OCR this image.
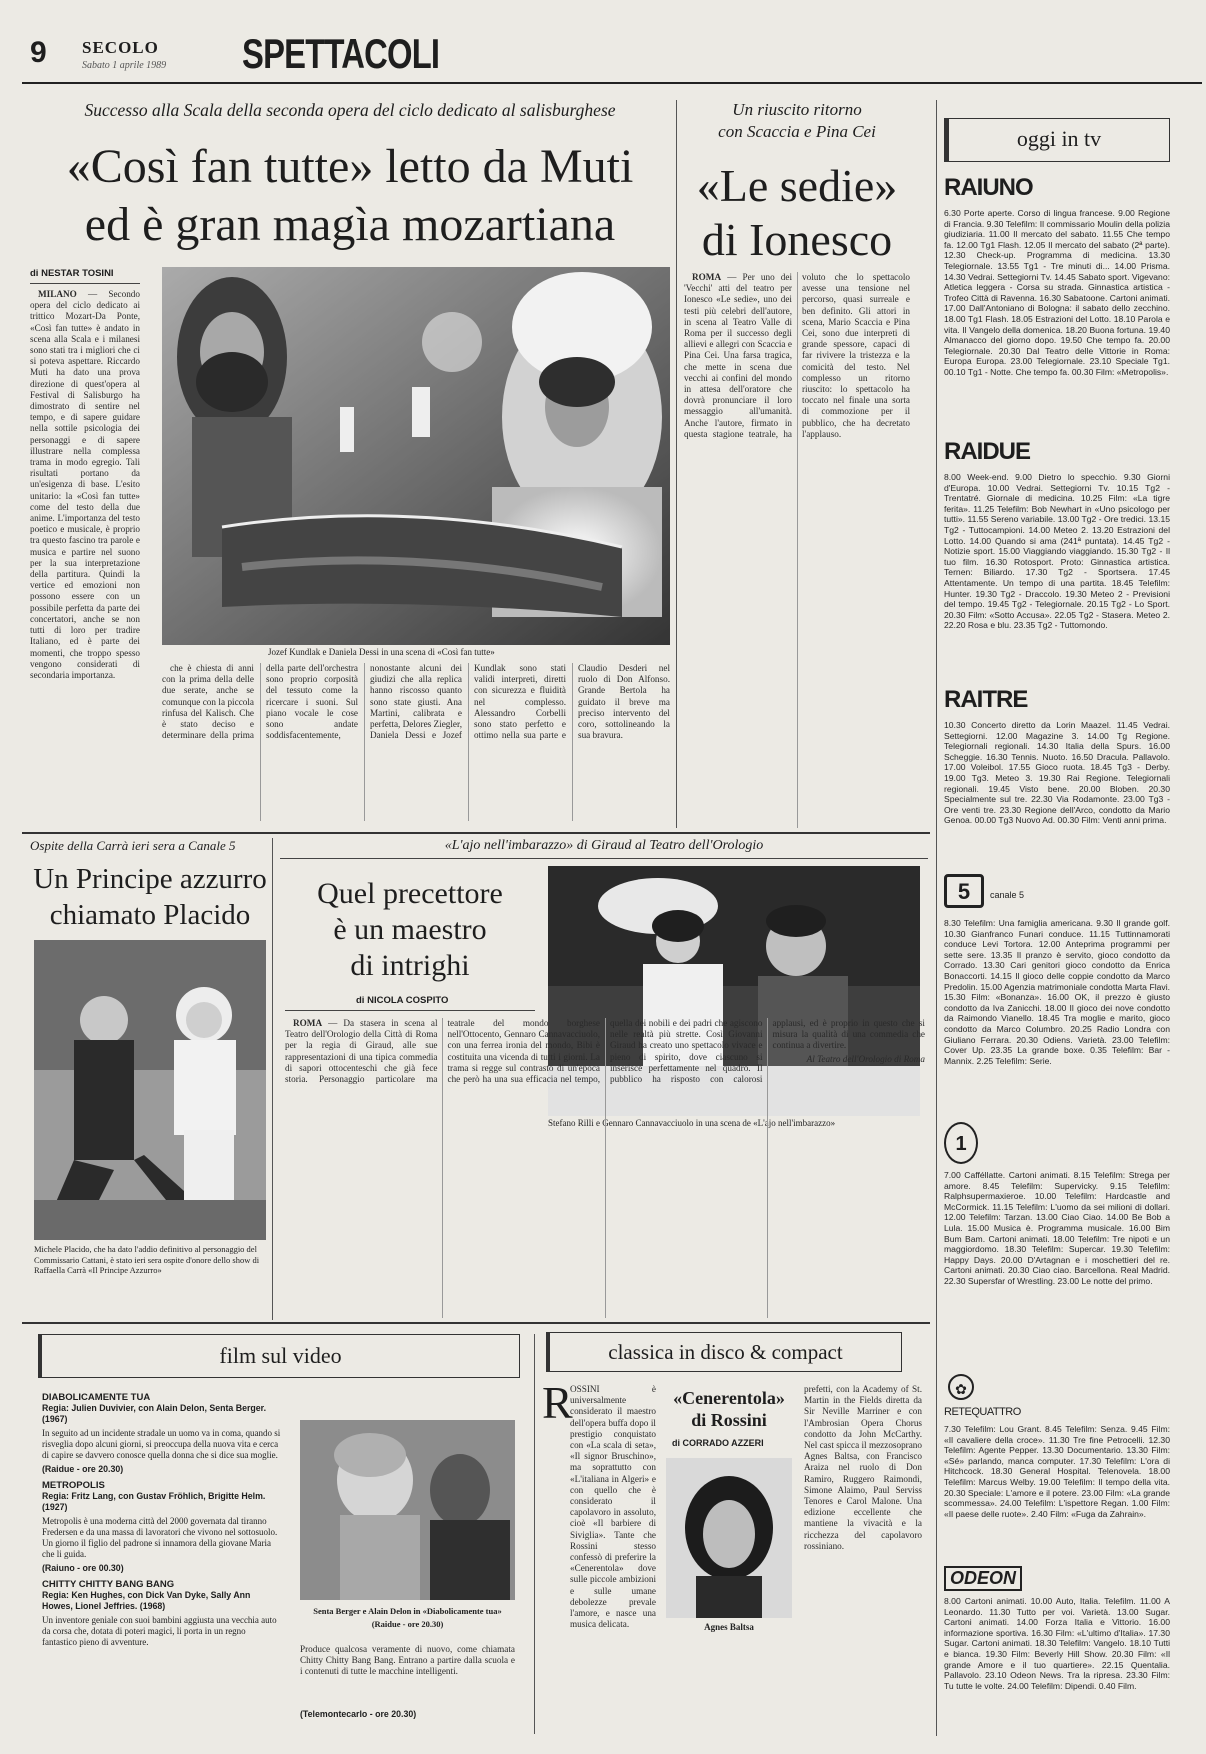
9 SECOLO
Sabato 1 aprile 1989 SPETTACOLI
Successo alla Scala della seconda opera del ciclo dedicato al salisburghese
«Così fan tutte» letto da Muti
ed è gran magìa mozartiana
di NESTAR TOSINI

MILANO — Secondo opera del ciclo dedicato ai trittico Mozart-Da Ponte, «Così fan tutte» è andato in scena alla Scala e i milanesi sono stati tra i migliori che ci si poteva aspettare. Riccardo Muti ha dato una prova direzione di quest'opera al Festival di Salisburgo ha dimostrato di sentire nel tempo, e di sapere guidare nella sottile psicologia dei personaggi e di sapere illustrare nella complessa trama in modo egregio. Tali risultati portano da un'esigenza di base. L'esito unitario: la «Così fan tutte» come del testo della due anime. L'importanza del testo poetico e musicale, è proprio tra questo fascino tra parole e musica e partire nel suono per la sua interpretazione della partitura. Quindi la vertice ed emozioni non possono essere con un possibile perfetta da parte dei concertatori, anche se non tutti di loro per tradire Italiano, ed è parte dei momenti, che troppo spesso vengono considerati di secondaria importanza.

Jozef Kundlak e Daniela Dessi in una scena di «Così fan tutte»

che è chiesta di anni con la prima della delle due serate, anche se comunque con la piccola rinfusa del Kalisch. Che è stato deciso e determinare della prima della parte dell'orchestra sono proprio corposità del tessuto come la ricercare i suoni. Sul piano vocale le cose sono andate soddisfacentemente, nonostante alcuni dei giudizi che alla replica hanno riscosso quanto sono state giusti. Ana Martini, calibrata e perfetta, Delores Ziegler, Daniela Dessi e Jozef Kundlak sono stati validi interpreti, diretti con sicurezza e fluidità nel complesso. Alessandro Corbelli sono stato perfetto e ottimo nella sua parte e Claudio Desderi nel ruolo di Don Alfonso. Grande Bertola ha guidato il breve ma preciso intervento del coro, sottolineando la sua bravura.

Un riuscito ritorno
con Scaccia e Pina Cei
«Le sedie»
di Ionesco

ROMA — Per uno dei 'Vecchi' atti del teatro per Ionesco «Le sedie», uno dei testi più celebri dell'autore, in scena al Teatro Valle di Roma per il successo degli allievi e allegri con Scaccia e Pina Cei. Una farsa tragica, che mette in scena due vecchi ai confini del mondo in attesa dell'oratore che dovrà pronunciare il loro messaggio all'umanità. Anche l'autore, firmato in questa stagione teatrale, ha voluto che lo spettacolo avesse una tensione nel percorso, quasi surreale e ben definito. Gli attori in scena, Mario Scaccia e Pina Cei, sono due interpreti di grande spessore, capaci di far rivivere la tristezza e la comicità del testo. Nel complesso un ritorno riuscito: lo spettacolo ha toccato nel finale una sorta di commozione per il pubblico, che ha decretato l'applauso.

Ospite della Carrà ieri sera a Canale 5
Un Principe azzurro
chiamato Placido
Michele Placido, che ha dato l'addio definitivo al personaggio del Commissario Cattani, è stato ieri sera ospite d'onore dello show di Raffaella Carrà «Il Principe Azzurro»
«L'ajo nell'imbarazzo» di Giraud al Teatro dell'Orologio
Quel precettore
è un maestro
di intrighi
di NICOLA COSPITO
Stefano Rilli e Gennaro Cannavacciuolo in una scena de «L'ajo nell'imbarazzo»

ROMA — Da stasera in scena al Teatro dell'Orologio della Città di Roma per la regia di Giraud, alle sue rappresentazioni di una tipica commedia di sapori ottocenteschi che già fece storia. Personaggio particolare ma teatrale del mondo borghese nell'Ottocento, Gennaro Cannavacciuolo, con una ferrea ironia del mondo, Bibi è costituita una vicenda di tutti i giorni. La trama si regge sul contrasto di un'epoca che però ha una sua efficacia nel tempo, quella dei nobili e dei padri che agiscono nelle realtà più strette. Così Giovanni Giraud ha creato uno spettacolo vivace e pieno di spirito, dove ciascuno si inserisce perfettamente nel quadro. Il pubblico ha risposto con calorosi applausi, ed è proprio in questo che si misura la qualità di una commedia che continua a divertire.

Al Teatro dell'Orologio di Roma

film sul video
DIABOLICAMENTE TUA
Regia: Julien Duvivier, con Alain Delon, Senta Berger. (1967)
In seguito ad un incidente stradale un uomo va in coma, quando si risveglia dopo alcuni giorni, si preoccupa della nuova vita e cerca di capire se davvero conosce quella donna che si dice sua moglie.
(Raidue - ore 20.30)
METROPOLIS
Regia: Fritz Lang, con Gustav Fröhlich, Brigitte Helm. (1927)
Metropolis è una moderna città del 2000 governata dal tiranno Fredersen e da una massa di lavoratori che vivono nel sottosuolo. Un giorno il figlio del padrone si innamora della giovane Maria che li guida.
(Raiuno - ore 00.30)
CHITTY CHITTY BANG BANG
Regia: Ken Hughes, con Dick Van Dyke, Sally Ann Howes, Lionel Jeffries. (1968)
Un inventore geniale con suoi bambini aggiusta una vecchia auto da corsa che, dotata di poteri magici, li porta in un regno fantastico pieno di avventure.
Senta Berger e Alain Delon in «Diabolicamente tua»
(Raidue - ore 20.30)
Produce qualcosa veramente di nuovo, come chiamata Chitty Chitty Bang Bang. Entrano a partire dalla scuola e i contenuti di tutte le macchine intelligenti.
(Telemontecarlo - ore 20.30)
classica in disco & compact
R
OSSINI è universalmente considerato il maestro dell'opera buffa dopo il prestigio conquistato con «La scala di seta», «Il signor Bruschino», ma soprattutto con «L'italiana in Algeri» e con quello che è considerato il capolavoro in assoluto, cioè «Il barbiere di Siviglia». Tante che Rossini stesso confessò di preferire la «Cenerentola» dove sulle piccole ambizioni e sulle umane debolezze prevale l'amore, e nasce una musica delicata.
«Cenerentola»
di Rossini
di CORRADO AZZERI
Agnes Baltsa
prefetti, con la Academy of St. Martin in the Fields diretta da Sir Neville Marriner e con l'Ambrosian Opera Chorus condotto da John McCarthy. Nel cast spicca il mezzosoprano Agnes Baltsa, con Francisco Araiza nel ruolo di Don Ramiro, Ruggero Raimondi, Simone Alaimo, Paul Serviss Tenores e Carol Malone. Una edizione eccellente che mantiene la vivacità e la ricchezza del capolavoro rossiniano.
oggi in tv
RAIUNO
6.30 Porte aperte. Corso di lingua francese. 9.00 Regione di Francia. 9.30 Telefilm: Il commissario Moulin della polizia giudiziaria. 11.00 Il mercato del sabato. 11.55 Che tempo fa. 12.00 Tg1 Flash. 12.05 Il mercato del sabato (2ª parte). 12.30 Check-up. Programma di medicina. 13.30 Telegiornale. 13.55 Tg1 - Tre minuti di... 14.00 Prisma. 14.30 Vedrai. Settegiorni Tv. 14.45 Sabato sport. Vigevano: Atletica leggera - Corsa su strada. Ginnastica artistica - Trofeo Città di Ravenna. 16.30 Sabatoone. Cartoni animati. 17.00 Dall'Antoniano di Bologna: il sabato dello zecchino. 18.00 Tg1 Flash. 18.05 Estrazioni del Lotto. 18.10 Parola e vita. Il Vangelo della domenica. 18.20 Buona fortuna. 19.40 Almanacco del giorno dopo. 19.50 Che tempo fa. 20.00 Telegiornale. 20.30 Dal Teatro delle Vittorie in Roma: Europa Europa. 23.00 Telegiornale. 23.10 Speciale Tg1. 00.10 Tg1 - Notte. Che tempo fa. 00.30 Film: «Metropolis».
RAIDUE
8.00 Week-end. 9.00 Dietro lo specchio. 9.30 Giorni d'Europa. 10.00 Vedrai. Settegiorni Tv. 10.15 Tg2 - Trentatré. Giornale di medicina. 10.25 Film: «La tigre ferita». 11.25 Telefilm: Bob Newhart in «Uno psicologo per tutti». 11.55 Sereno variabile. 13.00 Tg2 - Ore tredici. 13.15 Tg2 - Tuttocampioni. 14.00 Meteo 2. 13.20 Estrazioni del Lotto. 14.00 Quando si ama (241ª puntata). 14.45 Tg2 - Notizie sport. 15.00 Viaggiando viaggiando. 15.30 Tg2 - Il tuo film. 16.30 Rotosport. Proto: Ginnastica artistica. Ternen: Biliardo. 17.30 Tg2 - Sportsera. 17.45 Attentamente. Un tempo di una partita. 18.45 Telefilm: Hunter. 19.30 Tg2 - Draccolo. 19.30 Meteo 2 - Previsioni del tempo. 19.45 Tg2 - Telegiornale. 20.15 Tg2 - Lo Sport. 20.30 Film: «Sotto Accusa». 22.05 Tg2 - Stasera. Meteo 2. 22.20 Rosa e blu. 23.35 Tg2 - Tuttomondo.
RAITRE
10.30 Concerto diretto da Lorin Maazel. 11.45 Vedrai. Settegiorni. 12.00 Magazine 3. 14.00 Tg Regione. Telegiornali regionali. 14.30 Italia della Spurs. 16.00 Scheggie. 16.30 Tennis. Nuoto. 16.50 Dracula. Pallavolo. 17.00 Voleibol. 17.55 Gioco ruota. 18.45 Tg3 - Derby. 19.00 Tg3. Meteo 3. 19.30 Rai Regione. Telegiornali regionali. 19.45 Visto bene. 20.00 Bloben. 20.30 Specialmente sul tre. 22.30 Via Rodamonte. 23.00 Tg3 - Ore venti tre. 23.30 Regione dell'Arco, condotto da Mario Genoa. 00.00 Tg3 Nuovo Ad. 00.30 Film: Venti anni prima.
5	canale 5
8.30 Telefilm: Una famiglia americana. 9.30 Il grande golf. 10.30 Gianfranco Funari conduce. 11.15 Tuttinnamorati conduce Levi Tortora. 12.00 Anteprima programmi per sette sere. 13.35 Il pranzo è servito, gioco condotto da Corrado. 13.30 Cari genitori gioco condotto da Enrica Bonaccorti. 14.15 Il gioco delle coppie condotto da Marco Predolin. 15.00 Agenzia matrimoniale condotta Marta Flavi. 15.30 Film: «Bonanza». 16.00 OK, il prezzo è giusto condotto da Iva Zanicchi. 18.00 Il gioco dei nove condotto da Raimondo Vianello. 18.45 Tra moglie e marito, gioco condotto da Marco Columbro. 20.25 Radio Londra con Giuliano Ferrara. 20.30 Odiens. Varietà. 23.00 Telefilm: Cover Up. 23.35 La grande boxe. 0.35 Telefilm: Bar - Mannix. 2.25 Telefilm: Serie.
1
7.00 Cafféllatte. Cartoni animati. 8.15 Telefilm: Strega per amore. 8.45 Telefilm: Supervicky. 9.15 Telefilm: Ralphsupermaxieroe. 10.00 Telefilm: Hardcastle and McCormick. 11.15 Telefilm: L'uomo da sei milioni di dollari. 12.00 Telefilm: Tarzan. 13.00 Ciao Ciao. 14.00 Be Bob a Lula. 15.00 Musica è. Programma musicale. 16.00 Bim Bum Bam. Cartoni animati. 18.00 Telefilm: Tre nipoti e un maggiordomo. 18.30 Telefilm: Supercar. 19.30 Telefilm: Happy Days. 20.00 D'Artagnan e i moschettieri del re. Cartoni animati. 20.30 Ciao ciao. Barcellona. Real Madrid. 22.30 Supersfar of Wrestling. 23.00 Le notte del primo.
✿
RETEQUATTRO
7.30 Telefilm: Lou Grant. 8.45 Telefilm: Senza. 9.45 Film: «Il cavaliere della croce». 11.30 Tre fine Petrocelli. 12.30 Telefilm: Agente Pepper. 13.30 Documentario. 13.30 Film: «Sé» parlando, manca computer. 17.30 Telefilm: L'ora di Hitchcock. 18.30 General Hospital. Telenovela. 18.00 Telefilm: Marcus Welby. 19.00 Telefilm: Il tempo della vita. 20.30 Speciale: L'amore e il potere. 23.00 Film: «La grande scommessa». 24.00 Telefilm: L'ispettore Regan. 1.00 Film: «Il paese delle ruote». 2.40 Film: «Fuga da Zahrain».
ODEON
8.00 Cartoni animati. 10.00 Auto, Italia. Telefilm. 11.00 A Leonardo. 11.30 Tutto per voi. Varietà. 13.00 Sugar. Cartoni animati. 14.00 Forza Italia e Vittorio. 16.00 informazione sportiva. 16.30 Film: «L'ultimo d'Italia». 17.30 Sugar. Cartoni animati. 18.30 Telefilm: Vangelo. 18.10 Tutti e bianca. 19.30 Film: Beverly Hill Show. 20.30 Film: «Il grande Amore e il tuo quartiere». 22.15 Quentalia. Pallavolo. 23.10 Odeon News. Tra la ripresa. 23.30 Film: Tu tutte le volte. 24.00 Telefilm: Dipendi. 0.40 Film.
